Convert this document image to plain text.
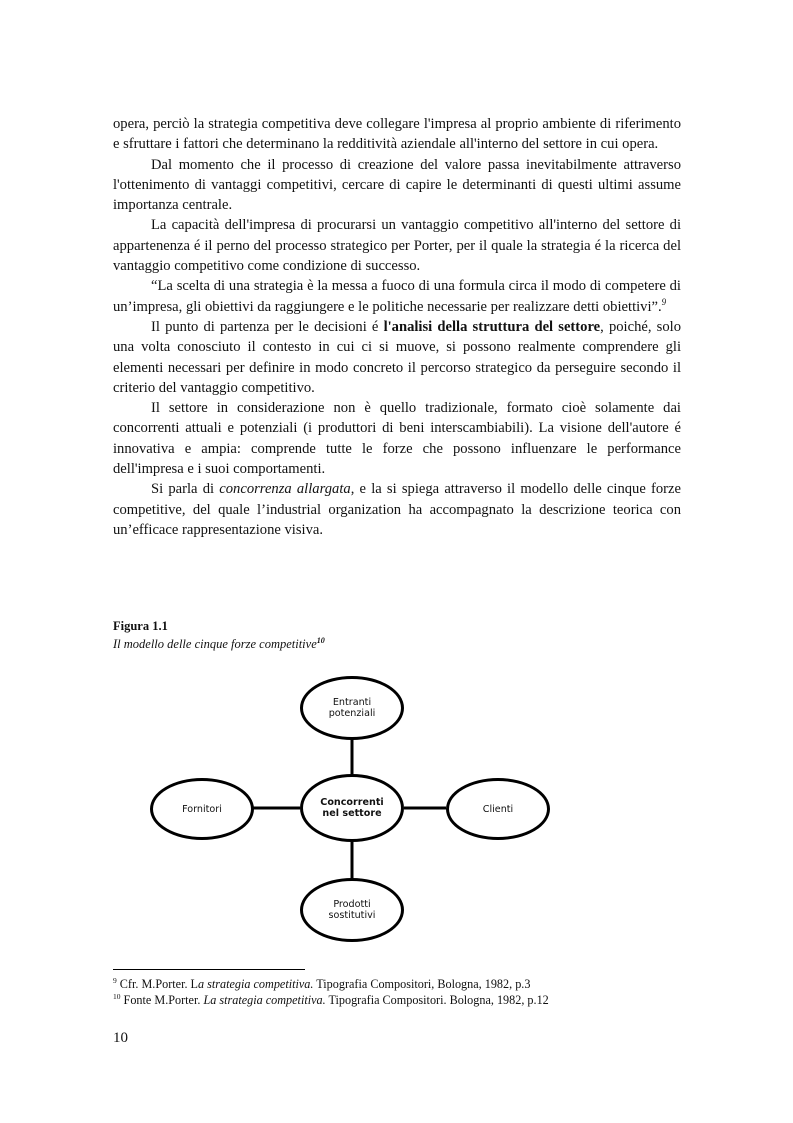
opera, perciò la strategia competitiva deve collegare l'impresa al proprio ambiente di riferimento e sfruttare i fattori che determinano la redditività aziendale all'interno del settore in cui opera.

Dal momento che il processo di creazione del valore passa inevitabilmente attraverso l'ottenimento di vantaggi competitivi, cercare di capire le determinanti di questi ultimi assume importanza centrale.

La capacità dell'impresa di procurarsi un vantaggio competitivo all'interno del settore di appartenenza é il perno del processo strategico per Porter, per il quale la strategia é la ricerca del vantaggio competitivo come condizione di successo.

“La scelta di una strategia è la messa a fuoco di una formula circa il modo di competere di un’impresa, gli obiettivi da raggiungere e le politiche necessarie per realizzare detti obiettivi”.$^9$

Il punto di partenza per le decisioni é l'analisi della struttura del settore, poiché, solo una volta conosciuto il contesto in cui ci si muove, si possono realmente comprendere gli elementi necessari per definire in modo concreto il percorso strategico da perseguire secondo il criterio del vantaggio competitivo.

Il settore in considerazione non è quello tradizionale, formato cioè solamente dai concorrenti attuali e potenziali (i produttori di beni interscambiabili). La visione dell'autore é innovativa e ampia: comprende tutte le forze che possono influenzare le performance dell'impresa e i suoi comportamenti.

Si parla di concorrenza allargata, e la si spiega attraverso il modello delle cinque forze competitive, del quale l’industrial organization ha accompagnato la descrizione teorica con un’efficace rappresentazione visiva.

Figura 1.1
Il modello delle cinque forze competitive$^{10}$
Entranti potenziali
Fornitori
Concorrenti nel settore	Clienti
Prodotti sostitutivi
$^9$ Cfr. M.Porter. La strategia competitiva. Tipografia Compositori, Bologna, 1982, p.3
$^{10}$ Fonte M.Porter. La strategia competitiva. Tipografia Compositori. Bologna, 1982, p.12
10
